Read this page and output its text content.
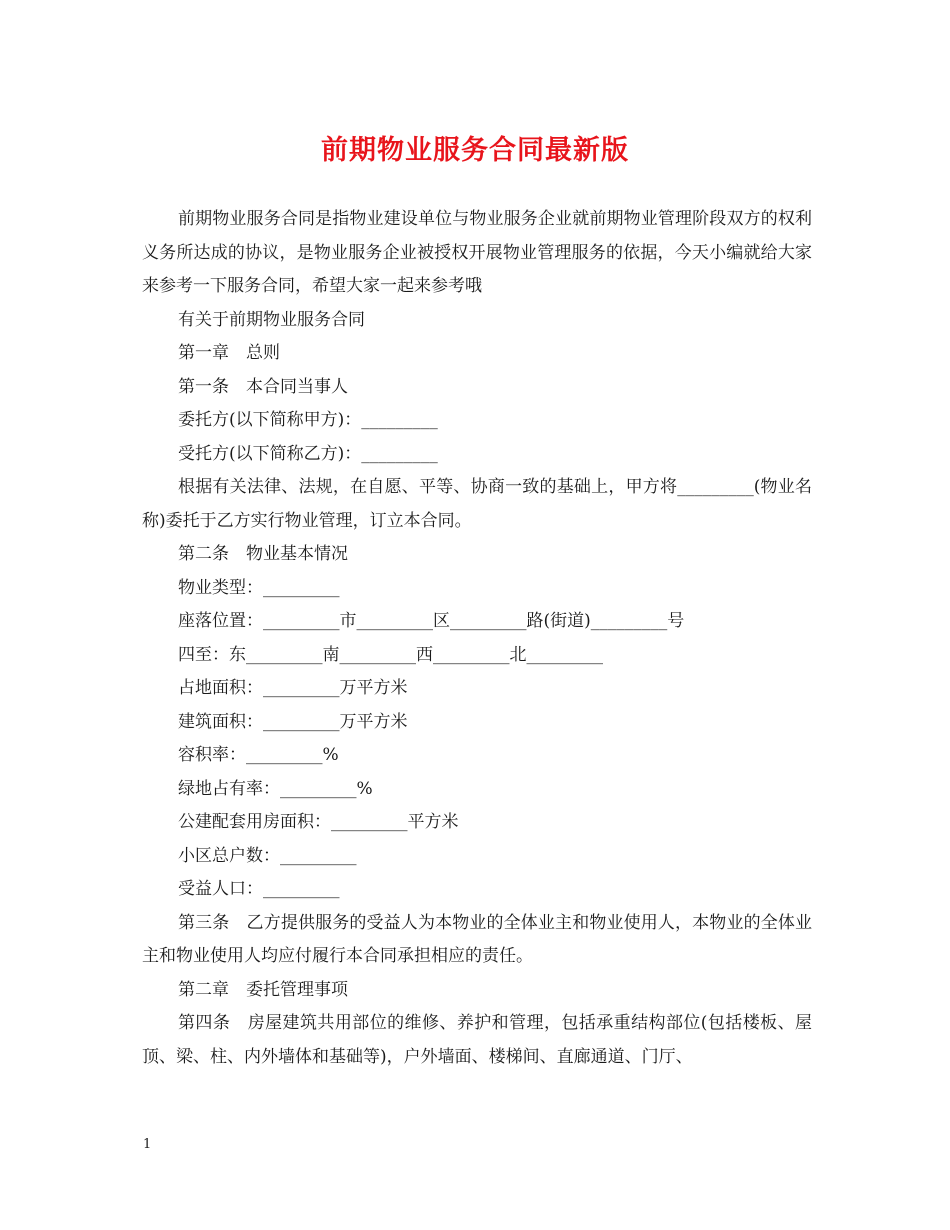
前期物业服务合同最新版

前期物业服务合同是指物业建设单位与物业服务企业就前期物业管理阶段双方的权利义务所达成的协议，是物业服务企业被授权开展物业管理服务的依据，今天小编就给大家来参考一下服务合同，希望大家一起来参考哦

有关于前期物业服务合同

第一章　总则

第一条　本合同当事人

委托方(以下简称甲方)：_________

受托方(以下简称乙方)：_________

根据有关法律、法规，在自愿、平等、协商一致的基础上，甲方将_________(物业名称)委托于乙方实行物业管理，订立本合同。

第二条　物业基本情况

物业类型：_________

座落位置：_________市_________区_________路(街道)_________号

四至：东_________南_________西_________北_________

占地面积：_________万平方米

建筑面积：_________万平方米

容积率：_________%

绿地占有率：_________%

公建配套用房面积：_________平方米

小区总户数：_________

受益人口：_________

第三条　乙方提供服务的受益人为本物业的全体业主和物业使用人，本物业的全体业主和物业使用人均应付履行本合同承担相应的责任。

第二章　委托管理事项

第四条　房屋建筑共用部位的维修、养护和管理，包括承重结构部位(包括楼板、屋顶、梁、柱、内外墙体和基础等)，户外墙面、楼梯间、直廊通道、门厅、

1
